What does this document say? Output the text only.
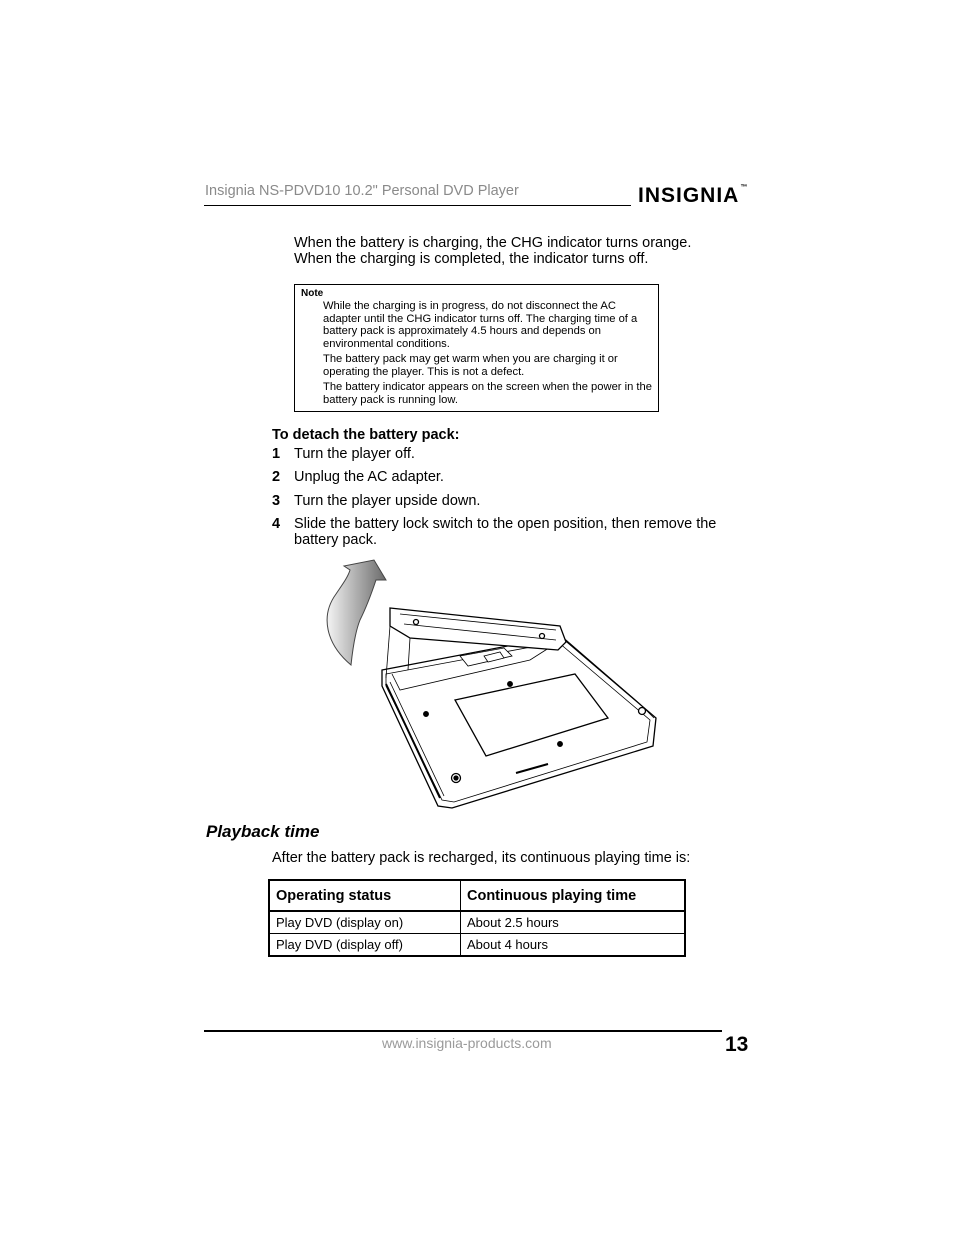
Insignia NS-PDVD10 10.2" Personal DVD Player	INSIGNIA™
When the battery is charging, the CHG indicator turns orange.
When the charging is completed, the indicator turns off.
Note
While the charging is in progress, do not disconnect the AC adapter until the CHG indicator turns off. The charging time of a battery pack is approximately 4.5 hours and depends on environmental conditions.
The battery pack may get warm when you are charging it or operating the player. This is not a defect.
The battery indicator appears on the screen when the power in the battery pack is running low.
To detach the battery pack:
1 Turn the player off.
2 Unplug the AC adapter.
3 Turn the player upside down.
4 Slide the battery lock switch to the open position, then remove the battery pack.
Playback time
After the battery pack is recharged, its continuous playing time is:
Operating status	Continuous playing time
Play DVD (display on)	About 2.5 hours
Play DVD (display off)	About 4 hours
www.insignia-products.com	13
